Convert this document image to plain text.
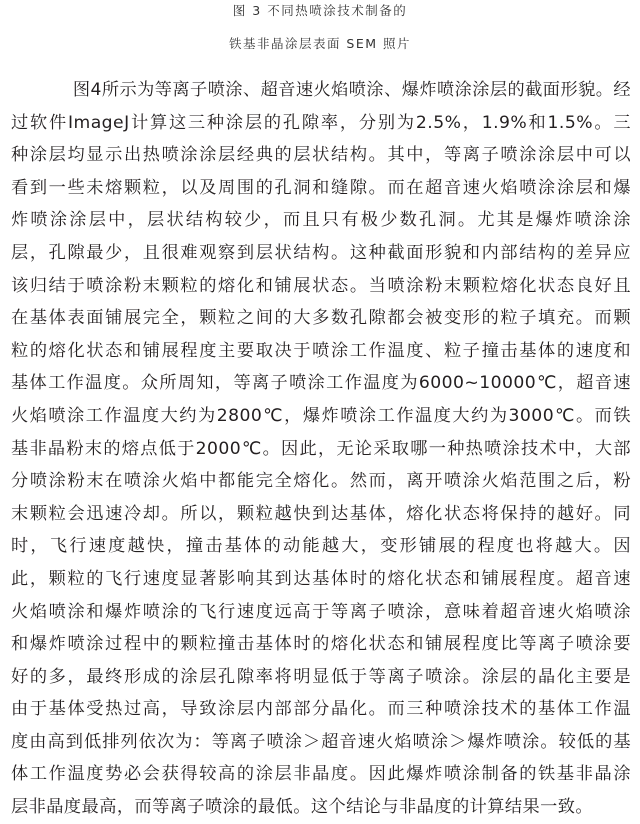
图 3 不同热喷涂技术制备的
铁基非晶涂层表面 SEM 照片
图4所示为等离子喷涂、超音速火焰喷涂、爆炸喷涂涂层的截面形貌。经
过软件ImageJ计算这三种涂层的孔隙率，分别为2.5%，1.9%和1.5%。三
种涂层均显示出热喷涂涂层经典的层状结构。其中，等离子喷涂涂层中可以
看到一些未熔颗粒，以及周围的孔洞和缝隙。而在超音速火焰喷涂涂层和爆
炸喷涂涂层中，层状结构较少，而且只有极少数孔洞。尤其是爆炸喷涂涂
层，孔隙最少，且很难观察到层状结构。这种截面形貌和内部结构的差异应
该归结于喷涂粉末颗粒的熔化和铺展状态。当喷涂粉末颗粒熔化状态良好且
在基体表面铺展完全，颗粒之间的大多数孔隙都会被变形的粒子填充。而颗
粒的熔化状态和铺展程度主要取决于喷涂工作温度、粒子撞击基体的速度和
基体工作温度。众所周知，等离子喷涂工作温度为6000~10000℃，超音速
火焰喷涂工作温度大约为2800℃，爆炸喷涂工作温度大约为3000℃。而铁
基非晶粉末的熔点低于2000℃。因此，无论采取哪一种热喷涂技术中，大部
分喷涂粉末在喷涂火焰中都能完全熔化。然而，离开喷涂火焰范围之后，粉
末颗粒会迅速冷却。所以，颗粒越快到达基体，熔化状态将保持的越好。同
时，飞行速度越快，撞击基体的动能越大，变形铺展的程度也将越大。因
此，颗粒的飞行速度显著影响其到达基体时的熔化状态和铺展程度。超音速
火焰喷涂和爆炸喷涂的飞行速度远高于等离子喷涂，意味着超音速火焰喷涂
和爆炸喷涂过程中的颗粒撞击基体时的熔化状态和铺展程度比等离子喷涂要
好的多，最终形成的涂层孔隙率将明显低于等离子喷涂。涂层的晶化主要是
由于基体受热过高，导致涂层内部部分晶化。而三种喷涂技术的基体工作温
度由高到低排列依次为：等离子喷涂＞超音速火焰喷涂＞爆炸喷涂。较低的基
体工作温度势必会获得较高的涂层非晶度。因此爆炸喷涂制备的铁基非晶涂
层非晶度最高，而等离子喷涂的最低。这个结论与非晶度的计算结果一致。
